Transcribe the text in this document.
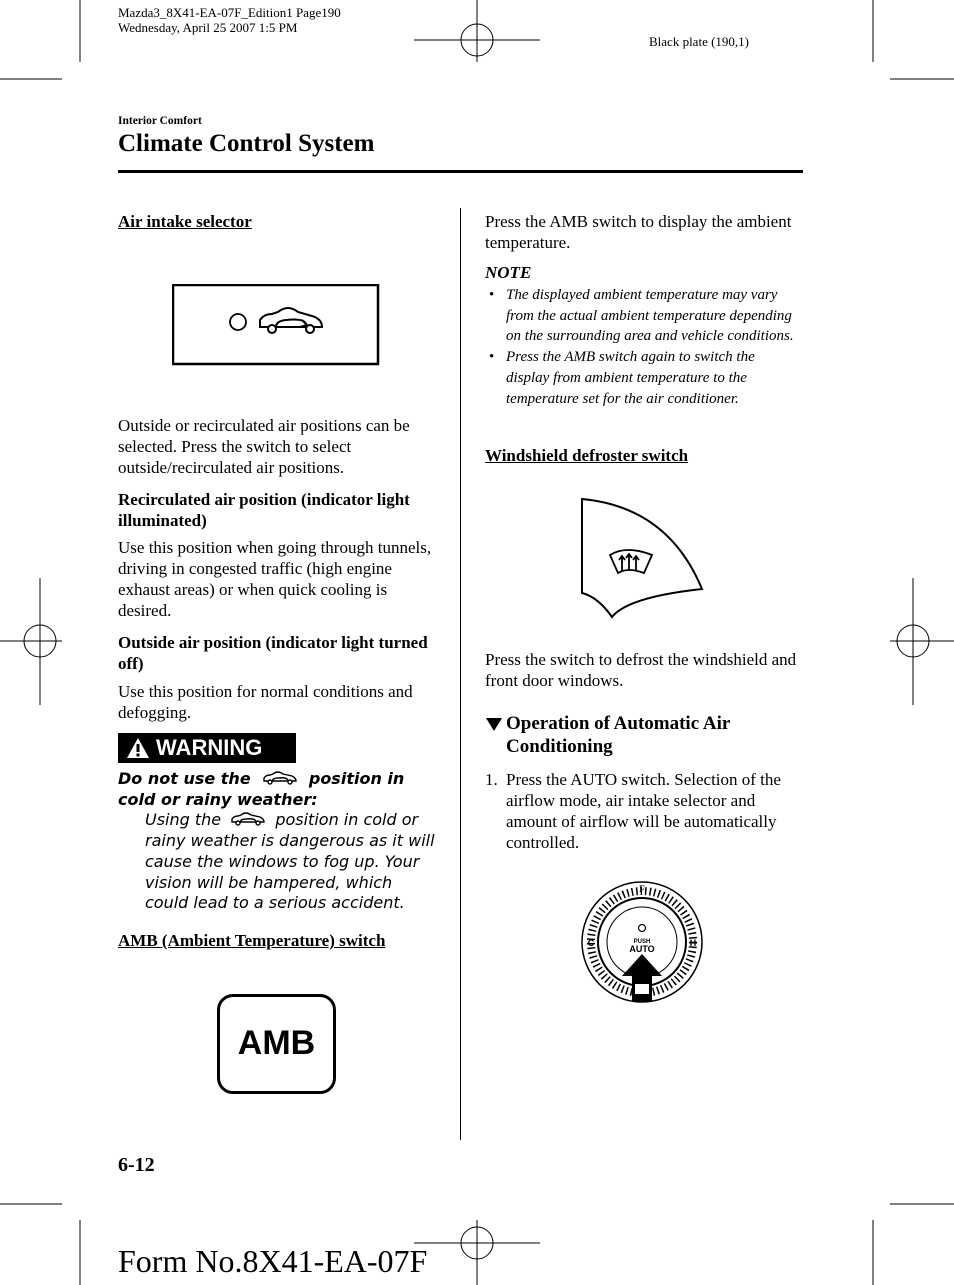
Mazda3_8X41-EA-07F_Edition1 Page190
Wednesday, April 25 2007 1:5 PM
Black plate (190,1)
Interior Comfort
Climate Control System

Air intake selector

Outside or recirculated air positions can be selected. Press the switch to select outside/recirculated air positions.

Recirculated air position (indicator light illuminated)

Use this position when going through tunnels, driving in congested traffic (high engine exhaust areas) or when quick cooling is desired.

Outside air position (indicator light turned off)

Use this position for normal conditions and defogging.

WARNING
Do not use the	position in cold or rainy weather:
Using the	position in cold or rainy weather is dangerous as it will cause the windows to fog up. Your vision will be hampered, which could lead to a serious accident.

AMB (Ambient Temperature) switch

AMB

Press the AMB switch to display the ambient temperature.

NOTE

• The displayed ambient temperature may vary from the actual ambient temperature depending on the surrounding area and vehicle conditions.
• Press the AMB switch again to switch the display from ambient temperature to the temperature set for the air conditioner.

Windshield defroster switch

Press the switch to defrost the windshield and front door windows.

Operation of Automatic Air Conditioning
1. Press the AUTO switch. Selection of the airflow mode, air intake selector and amount of airflow will be automatically controlled.
PUSH
AUTO
C	H
F
6-12
Form No.8X41-EA-07F
